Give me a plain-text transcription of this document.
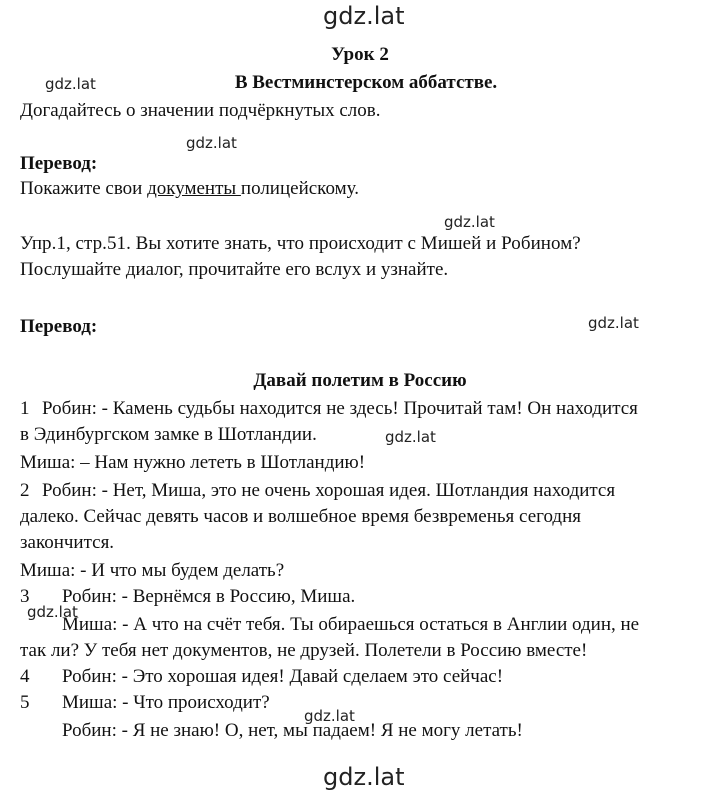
gdz.lat
gdz.lat
gdz.lat
gdz.lat
gdz.lat
gdz.lat
gdz.lat
gdz.lat
gdz.lat
Урок 2
В Вестминстерском аббатстве.
Догадайтесь о значении подчёркнутых слов.
Перевод:
Покажите свои документы полицейскому.
Упр.1, стр.51. Вы хотите знать, что происходит с Мишей и Робином?
Послушайте диалог, прочитайте его вслух и узнайте.
Перевод:
Давай полетим в Россию
1 Робин: - Камень судьбы находится не здесь! Прочитай там! Он находится
в Эдинбургском замке в Шотландии.
Миша: – Нам нужно лететь в Шотландию!
2 Робин: - Нет, Миша, это не очень хорошая идея. Шотландия находится
далеко. Сейчас девять часов и волшебное время безвременья сегодня
закончится.
Миша: - И что мы будем делать?
3 Робин: - Вернёмся в Россию, Миша.
Миша: - А что на счёт тебя. Ты обираешься остаться в Англии один, не
так ли? У тебя нет документов, не друзей. Полетели в Россию вместе!
4 Робин: - Это хорошая идея! Давай сделаем это сейчас!
5 Миша: - Что происходит?
Робин: - Я не знаю! О, нет, мы падаем! Я не могу летать!
